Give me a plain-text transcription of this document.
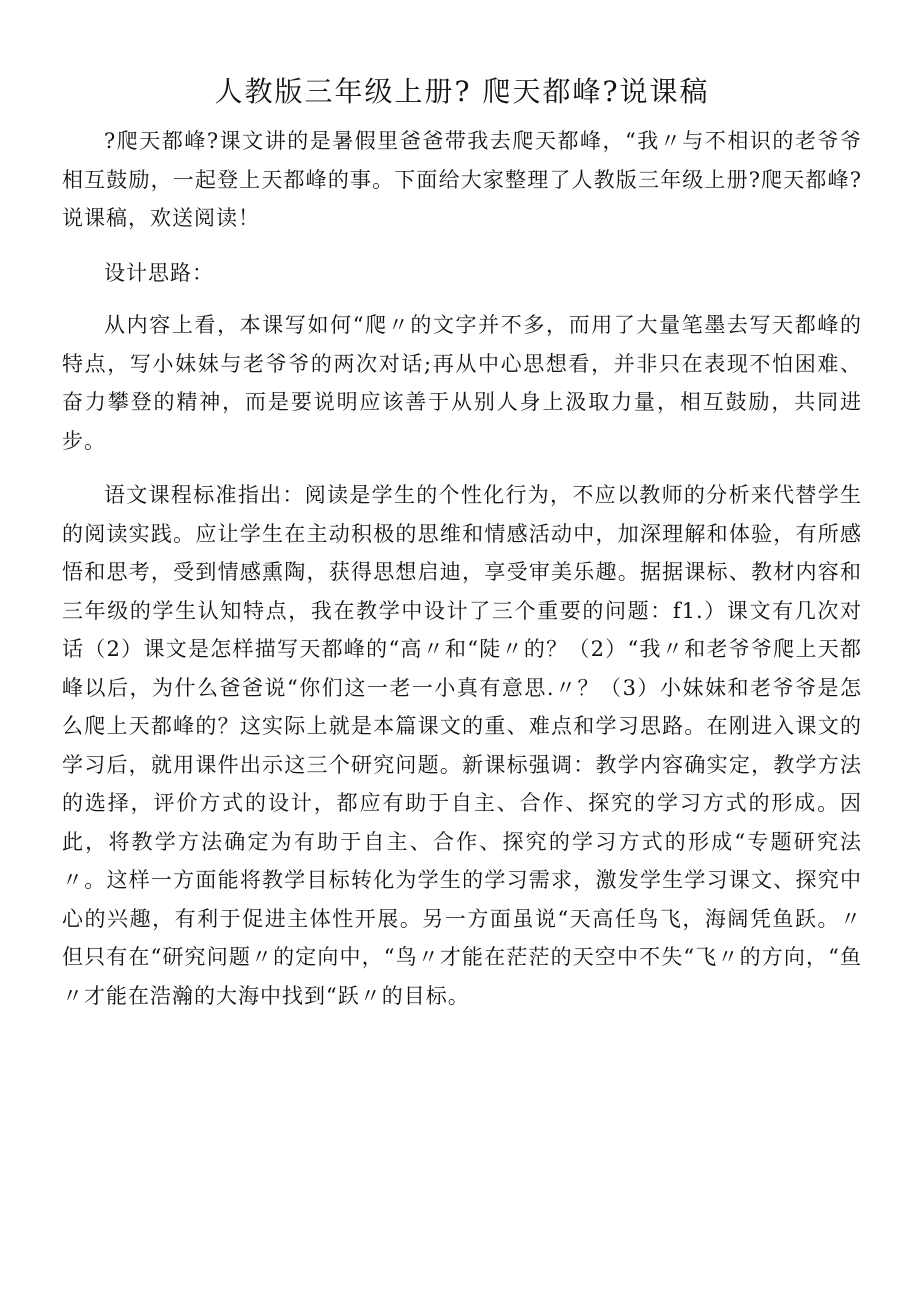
人教版三年级上册? 爬天都峰?说课稿

?爬天都峰?课文讲的是暑假里爸爸带我去爬天都峰，“我〃与不相识的老爷爷相互鼓励，一起登上天都峰的事。下面给大家整理了人教版三年级上册?爬天都峰?说课稿，欢送阅读！

设计思路：

从内容上看，本课写如何“爬〃的文字并不多，而用了大量笔墨去写天都峰的特点，写小妹妹与老爷爷的两次对话;再从中心思想看，并非只在表现不怕困难、奋力攀登的精神，而是要说明应该善于从别人身上汲取力量，相互鼓励，共同进步。

语文课程标准指出：阅读是学生的个性化行为，不应以教师的分析来代替学生的阅读实践。应让学生在主动积极的思维和情感活动中，加深理解和体验，有所感悟和思考，受到情感熏陶，获得思想启迪，享受审美乐趣。据据课标、教材内容和三年级的学生认知特点，我在教学中设计了三个重要的问题：f1.）课文有几次对话（2）课文是怎样描写天都峰的“高〃和“陡〃的？（2）“我〃和老爷爷爬上天都峰以后，为什么爸爸说“你们这一老一小真有意思.〃？（3）小妹妹和老爷爷是怎么爬上天都峰的？这实际上就是本篇课文的重、难点和学习思路。在刚进入课文的学习后，就用课件出示这三个研究问题。新课标强调：教学内容确实定，教学方法的选择，评价方式的设计，都应有助于自主、合作、探究的学习方式的形成。因此，将教学方法确定为有助于自主、合作、探究的学习方式的形成“专题研究法〃。这样一方面能将教学目标转化为学生的学习需求，激发学生学习课文、探究中心的兴趣，有利于促进主体性开展。另一方面虽说“天高任鸟飞，海阔凭鱼跃。〃但只有在“研究问题〃的定向中，“鸟〃才能在茫茫的天空中不失“飞〃的方向，“鱼〃才能在浩瀚的大海中找到“跃〃的目标。
